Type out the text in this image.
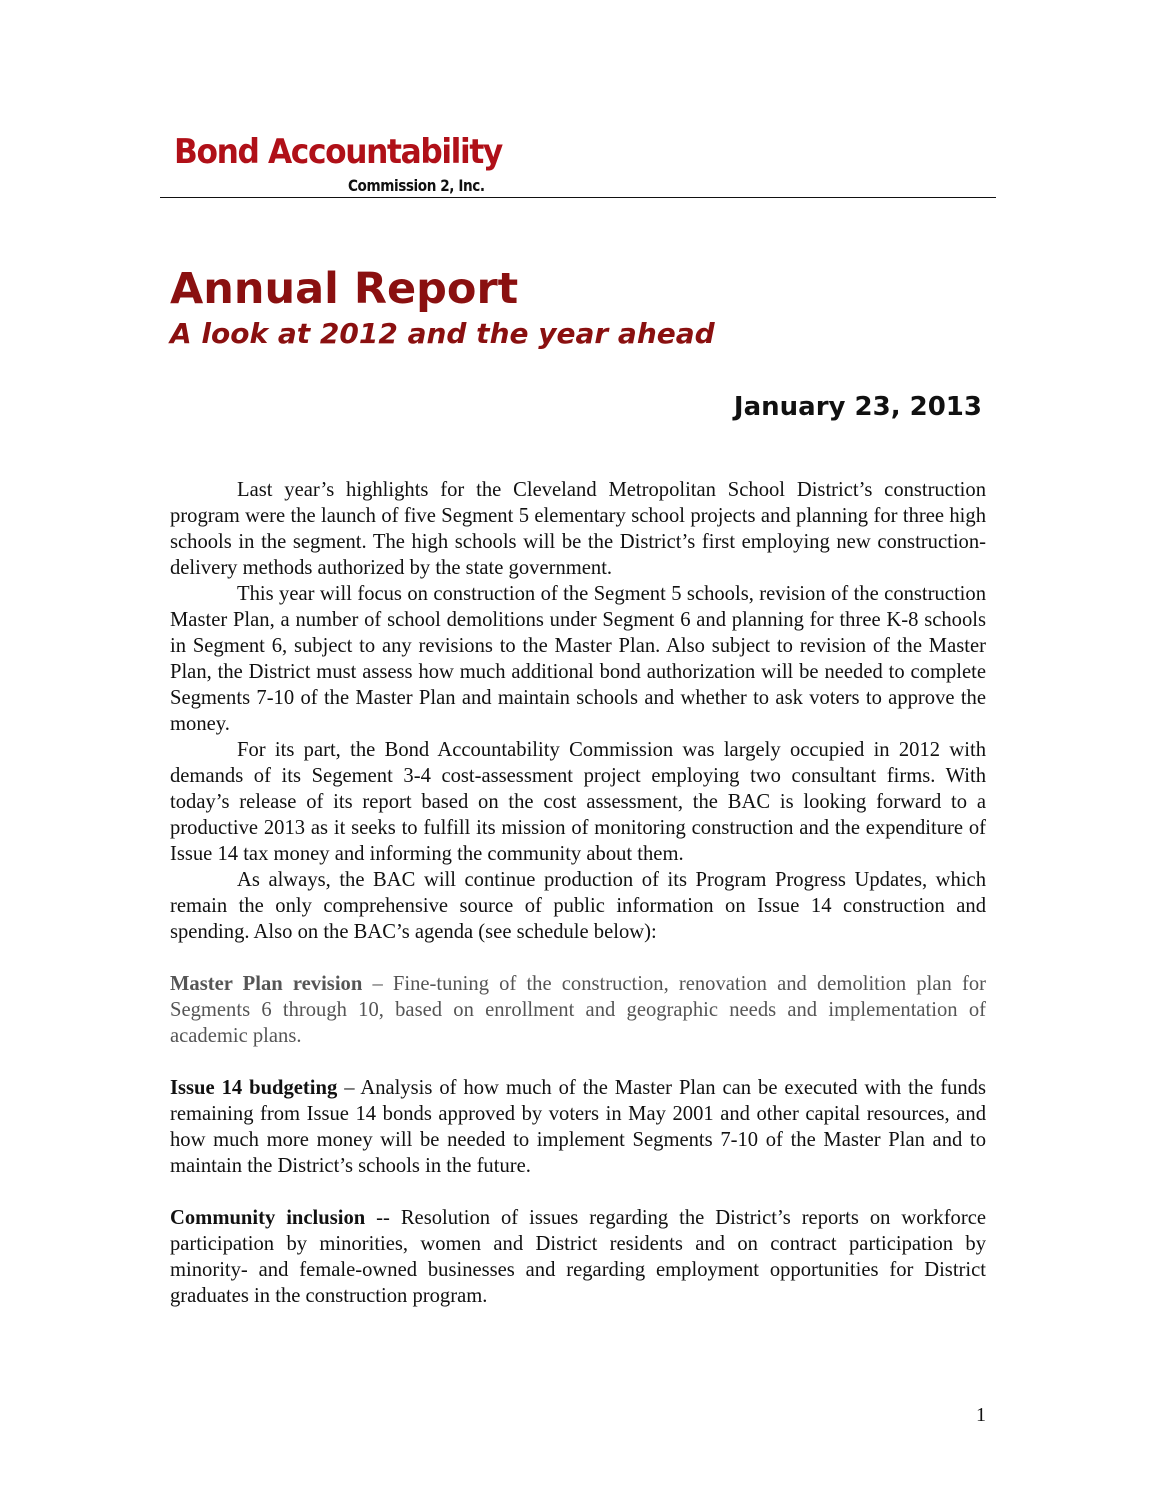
Bond Accountability
Commission 2, Inc.
Annual Report
A look at 2012 and the year ahead
January 23, 2013

Last year’s highlights for the Cleveland Metropolitan School District’s construction program were the launch of five Segment 5 elementary school projects and planning for three high schools in the segment. The high schools will be the District’s first employing new construction-delivery methods authorized by the state government.

This year will focus on construction of the Segment 5 schools, revision of the construction Master Plan, a number of school demolitions under Segment 6 and planning for three K-8 schools in Segment 6, subject to any revisions to the Master Plan. Also subject to revision of the Master Plan, the District must assess how much additional bond authorization will be needed to complete Segments 7-10 of the Master Plan and maintain schools and whether to ask voters to approve the money.

For its part, the Bond Accountability Commission was largely occupied in 2012 with demands of its Segement 3-4 cost-assessment project employing two consultant firms. With today’s release of its report based on the cost assessment, the BAC is looking forward to a productive 2013 as it seeks to fulfill its mission of monitoring construction and the expenditure of Issue 14 tax money and informing the community about them.

As always, the BAC will continue production of its Program Progress Updates, which remain the only comprehensive source of public information on Issue 14 construction and spending. Also on the BAC’s agenda (see schedule below):

Master Plan revision – Fine-tuning of the construction, renovation and demolition plan for Segments 6 through 10, based on enrollment and geographic needs and implementation of academic plans.

Issue 14 budgeting – Analysis of how much of the Master Plan can be executed with the funds remaining from Issue 14 bonds approved by voters in May 2001 and other capital resources, and how much more money will be needed to implement Segments 7-10 of the Master Plan and to maintain the District’s schools in the future.

Community inclusion -- Resolution of issues regarding the District’s reports on workforce participation by minorities, women and District residents and on contract participation by minority- and female-owned businesses and regarding employment opportunities for District graduates in the construction program.

1
